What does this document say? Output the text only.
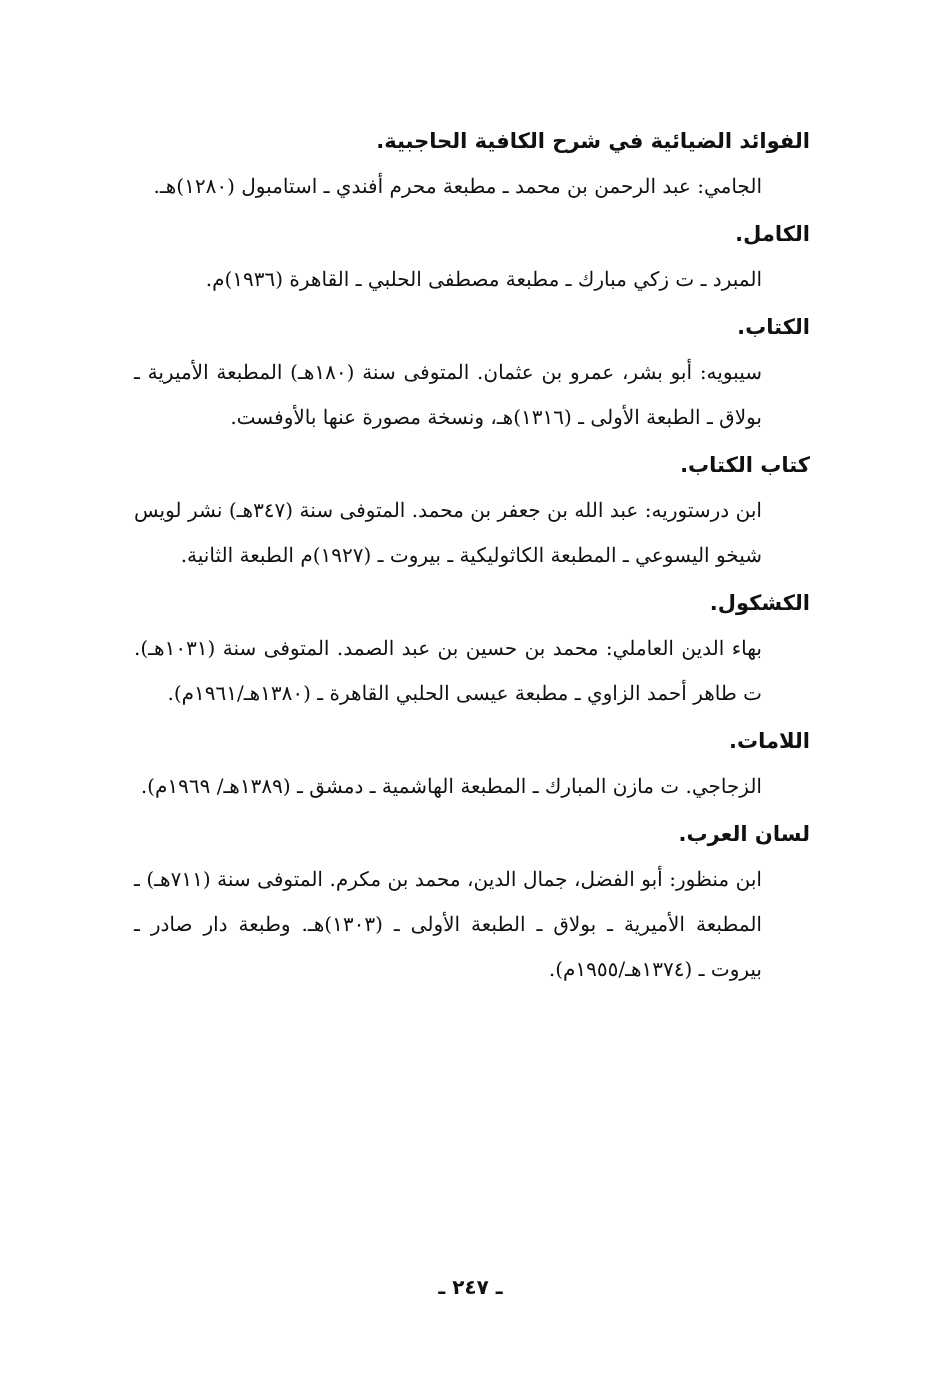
الفوائد الضيائية في شرح الكافية الحاجبية.

الجامي: عبد الرحمن بن محمد ـ مطبعة محرم أفندي ـ استامبول (١٢٨٠)هـ.

الكامل.

المبرد ـ ت زكي مبارك ـ مطبعة مصطفى الحلبي ـ القاهرة (١٩٣٦)م.

الكتاب.

سيبويه: أبو بشر، عمرو بن عثمان. المتوفى سنة (١٨٠هـ) المطبعة الأميرية ـ بولاق ـ الطبعة الأولى ـ (١٣١٦)هـ، ونسخة مصورة عنها بالأوفست.

كتاب الكتاب.

ابن درستوريه: عبد الله بن جعفر بن محمد. المتوفى سنة (٣٤٧هـ) نشر لويس شيخو اليسوعي ـ المطبعة الكاثوليكية ـ بيروت ـ (١٩٢٧)م الطبعة الثانية.

الكشكول.

بهاء الدين العاملي: محمد بن حسين بن عبد الصمد. المتوفى سنة (١٠٣١هـ). ت طاهر أحمد الزاوي ـ مطبعة عيسى الحلبي القاهرة ـ (١٣٨٠هـ/١٩٦١م).

اللامات.

الزجاجي. ت مازن المبارك ـ المطبعة الهاشمية ـ دمشق ـ (١٣٨٩هـ/ ١٩٦٩م).

لسان العرب.

ابن منظور: أبو الفضل، جمال الدين، محمد بن مكرم. المتوفى سنة (٧١١هـ) ـ المطبعة الأميرية ـ بولاق ـ الطبعة الأولى ـ (١٣٠٣)هـ. وطبعة دار صادر ـ بيروت ـ (١٣٧٤هـ/١٩٥٥م).

ـ ٢٤٧ ـ
